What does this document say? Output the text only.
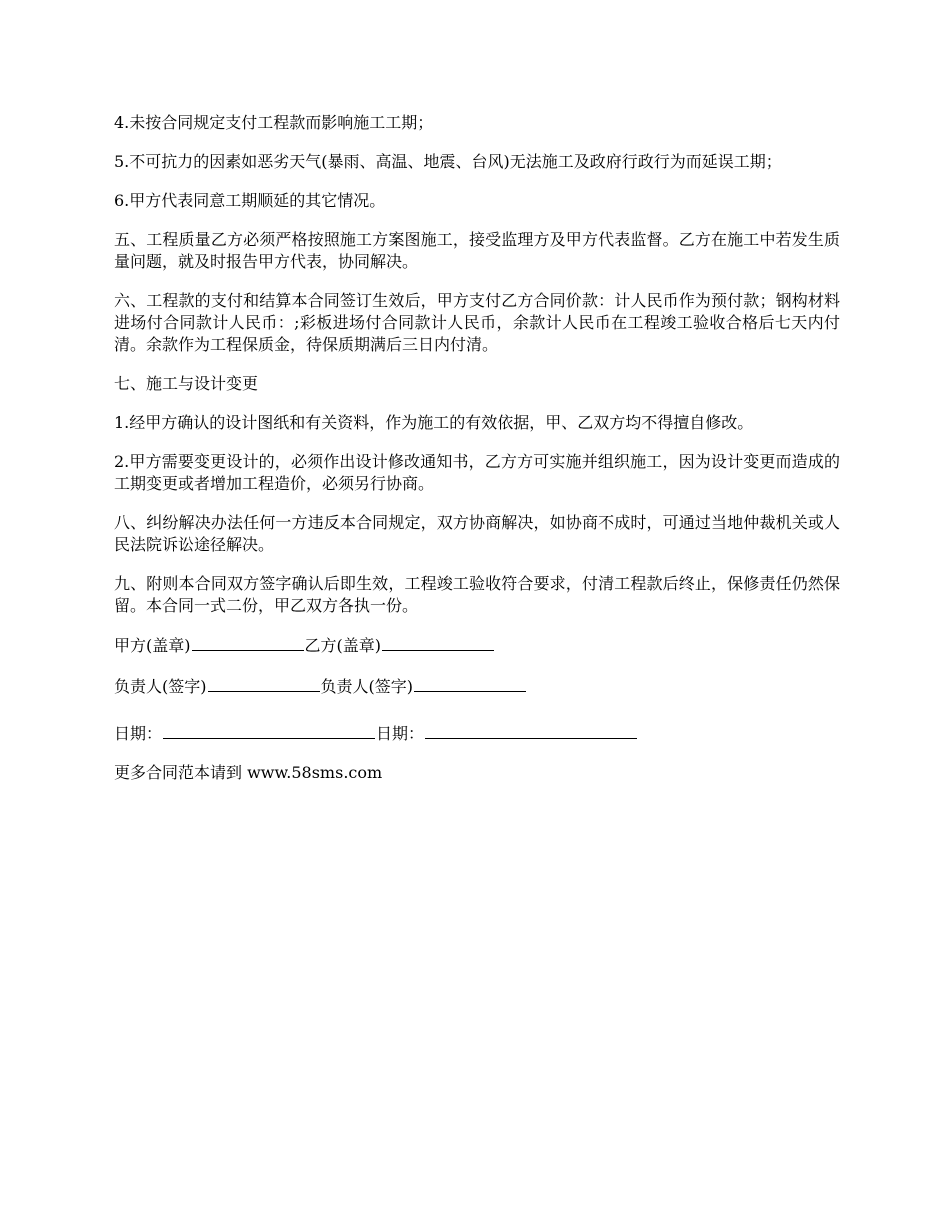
4.未按合同规定支付工程款而影响施工工期；

5.不可抗力的因素如恶劣天气(暴雨、高温、地震、台风)无法施工及政府行政行为而延误工期；

6.甲方代表同意工期顺延的其它情况。

五、工程质量乙方必须严格按照施工方案图施工，接受监理方及甲方代表监督。乙方在施工中若发生质量问题，就及时报告甲方代表，协同解决。

六、工程款的支付和结算本合同签订生效后，甲方支付乙方合同价款：计人民币作为预付款；钢构材料进场付合同款计人民币：;彩板进场付合同款计人民币，余款计人民币在工程竣工验收合格后七天内付清。余款作为工程保质金，待保质期满后三日内付清。

七、施工与设计变更

1.经甲方确认的设计图纸和有关资料，作为施工的有效依据，甲、乙双方均不得擅自修改。

2.甲方需要变更设计的，必须作出设计修改通知书，乙方方可实施并组织施工，因为设计变更而造成的工期变更或者增加工程造价，必须另行协商。

八、纠纷解决办法任何一方违反本合同规定，双方协商解决，如协商不成时，可通过当地仲裁机关或人民法院诉讼途径解决。

九、附则本合同双方签字确认后即生效，工程竣工验收符合要求，付清工程款后终止，保修责任仍然保留。本合同一式二份，甲乙双方各执一份。

甲方(盖章)	乙方(盖章)
负责人(签字)	负责人(签字)
日期：	日期：
更多合同范本请到 www.58sms.com
